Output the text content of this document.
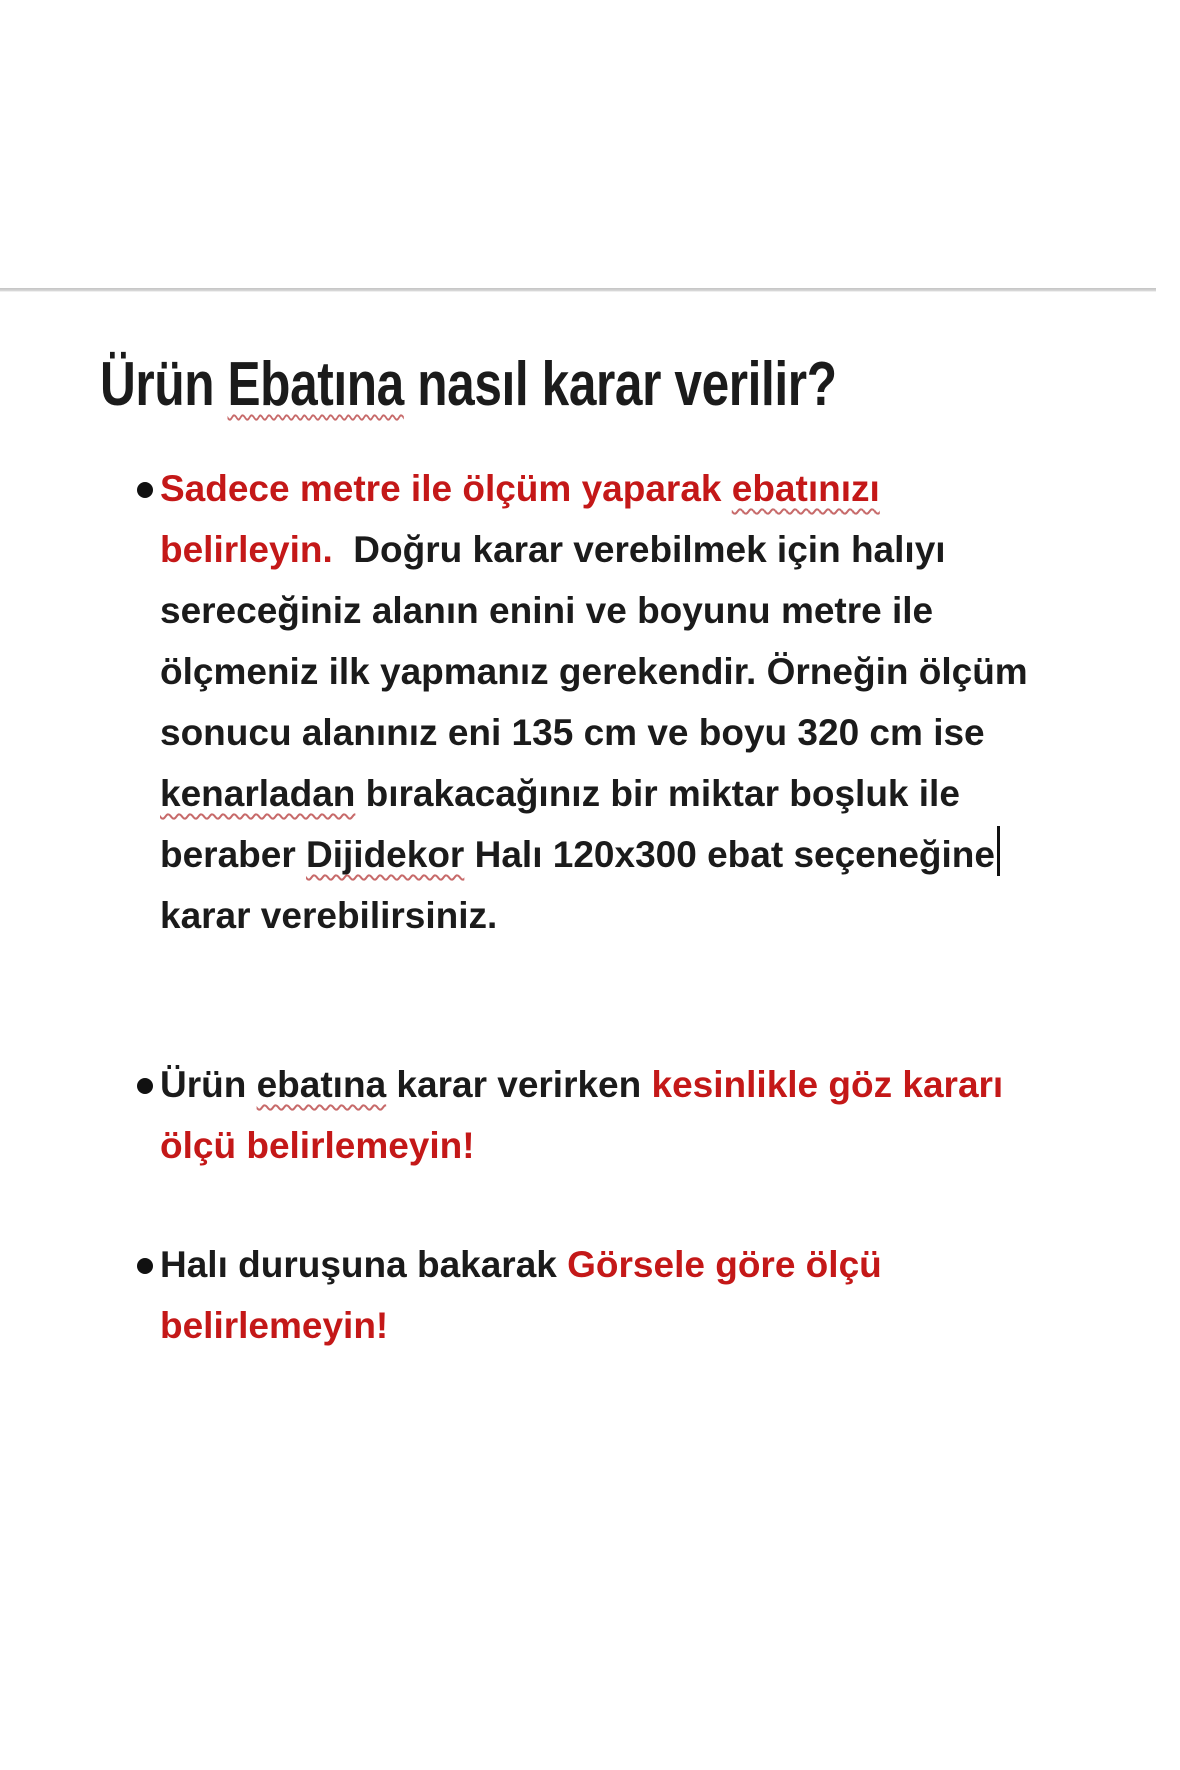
Ürün Ebatına nasıl karar verilir?
Sadece metre ile ölçüm yaparak ebatınızı
belirleyin.  Doğru karar verebilmek için halıyı
sereceğiniz alanın enini ve boyunu metre ile
ölçmeniz ilk yapmanız gerekendir. Örneğin ölçüm
sonucu alanınız eni 135 cm ve boyu 320 cm ise
kenarladan bırakacağınız bir miktar boşluk ile
beraber Dijidekor Halı 120x300 ebat seçeneğine
karar verebilirsiniz.
Ürün ebatına karar verirken kesinlikle göz kararı
ölçü belirlemeyin!
Halı duruşuna bakarak Görsele göre ölçü
belirlemeyin!
